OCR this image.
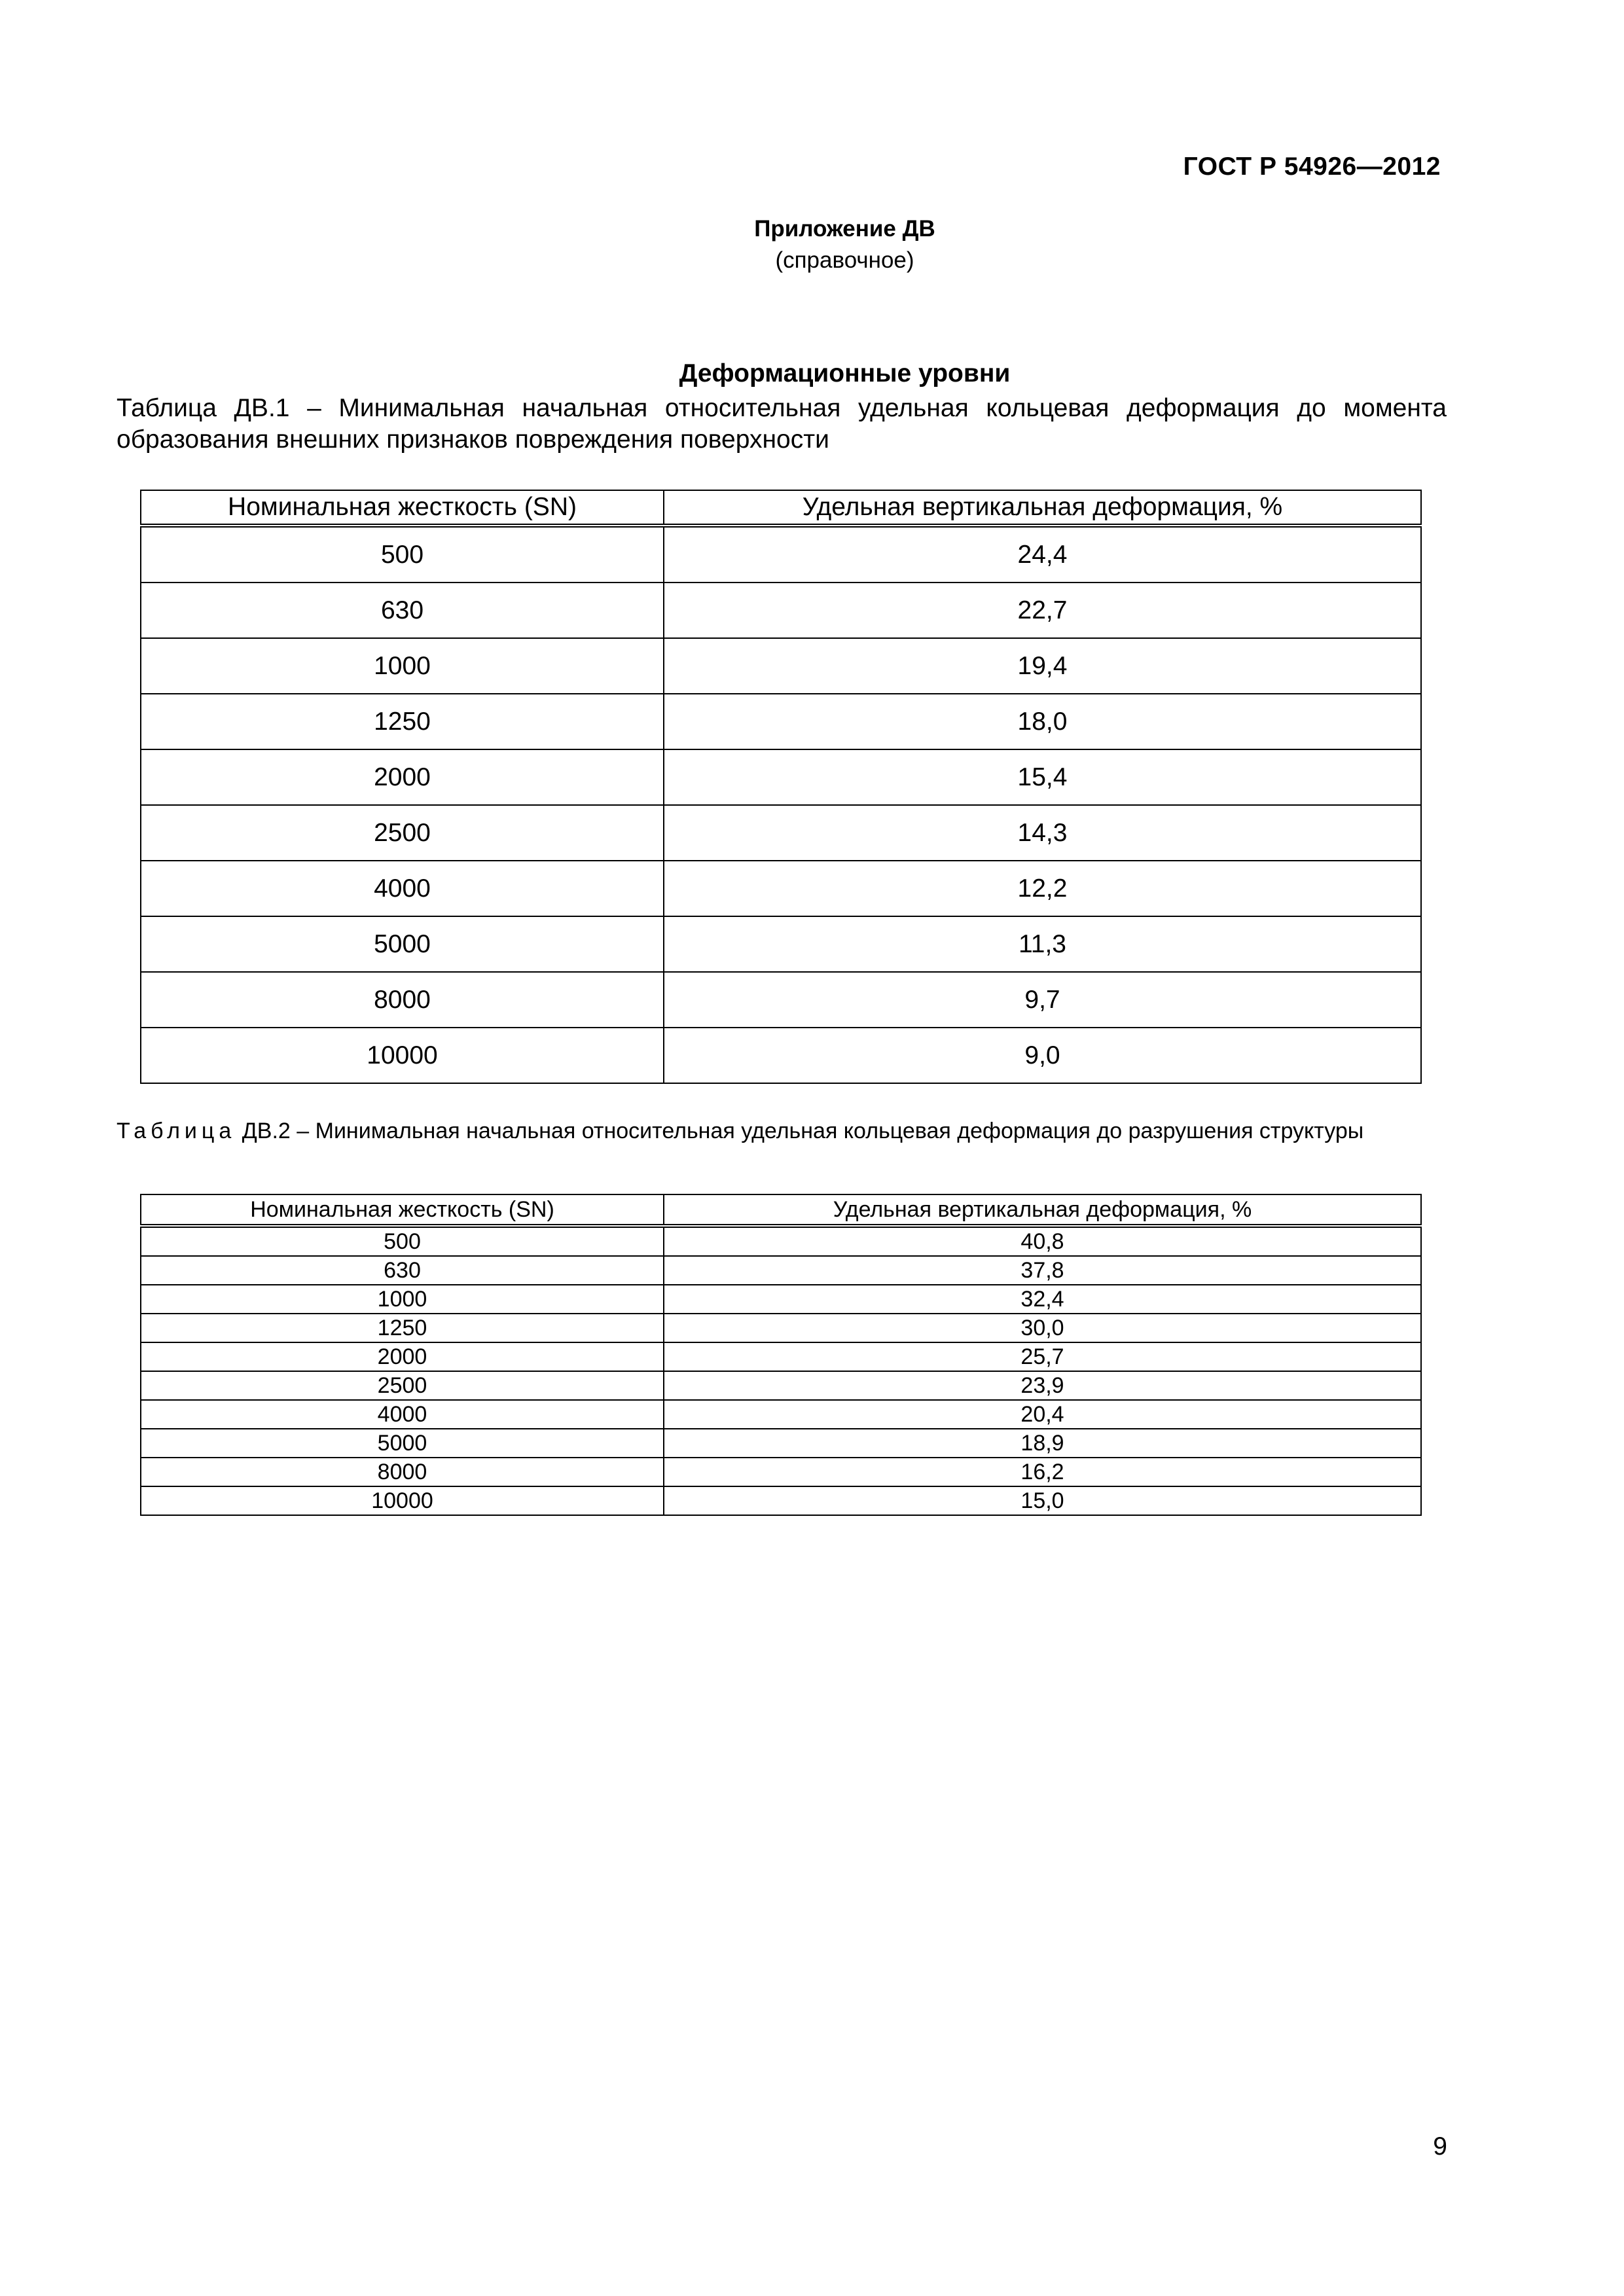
ГОСТ Р 54926—2012
Приложение ДВ
(справочное)
Деформационные уровни
Таблица ДВ.1 – Минимальная начальная относительная удельная кольцевая деформация до момента образования внешних признаков повреждения поверхности
Номинальная жесткость (SN)	Удельная вертикальная деформация, %
500	24,4
630	22,7
1000	19,4
1250	18,0
2000	15,4
2500	14,3
4000	12,2
5000	11,3
8000	9,7
10000	9,0
Таблица ДВ.2 – Минимальная начальная относительная удельная кольцевая деформация до разрушения структуры
Номинальная жесткость (SN)	Удельная вертикальная деформация, %
500	40,8
630	37,8
1000	32,4
1250	30,0
2000	25,7
2500	23,9
4000	20,4
5000	18,9
8000	16,2
10000	15,0
9
